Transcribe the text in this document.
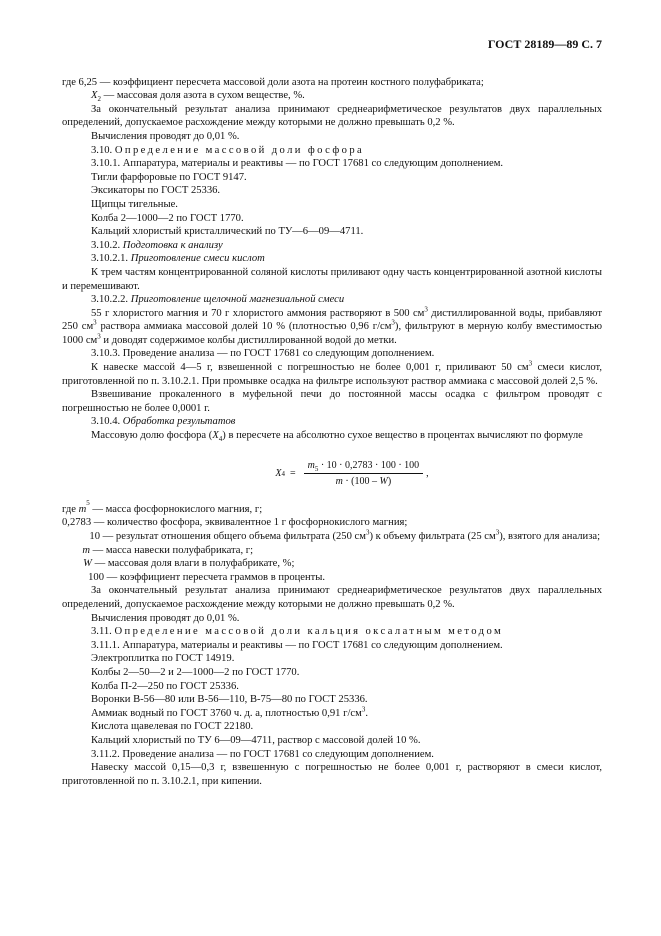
ГОСТ 28189—89 С. 7
где 6,25 — коэффициент пересчета массовой доли азота на протеин костного полуфабриката;
$X_2$ — массовая доля азота в сухом веществе, %.
За окончательный результат анализа принимают среднеарифметическое результатов двух параллельных определений, допускаемое расхождение между которыми не должно превышать 0,2 %.
Вычисления проводят до 0,01 %.
3.10. Определение массовой доли фосфора
3.10.1. Аппаратура, материалы и реактивы — по ГОСТ 17681 со следующим дополнением.
Тигли фарфоровые по ГОСТ 9147.
Эксикаторы по ГОСТ 25336.
Щипцы тигельные.
Колба 2—1000—2 по ГОСТ 1770.
Кальций хлористый кристаллический по ТУ—6—09—4711.
3.10.2. Подготовка к анализу
3.10.2.1. Приготовление смеси кислот
К трем частям концентрированной соляной кислоты приливают одну часть концентрированной азотной кислоты и перемешивают.
3.10.2.2. Приготовление щелочной магнезиальной смеси
55 г хлористого магния и 70 г хлористого аммония растворяют в 500 $см^3$ дистиллированной воды, прибавляют 250 $см^3$ раствора аммиака массовой долей 10 % (плотностью 0,96 $г/см^3$), фильтруют в мерную колбу вместимостью 1000 $см^3$ и доводят содержимое колбы дистиллированной водой до метки.
3.10.3. Проведение анализа — по ГОСТ 17681 со следующим дополнением.
К навеске массой 4—5 г, взвешенной с погрешностью не более 0,001 г, приливают 50 $см^3$ смеси кислот, приготовленной по п. 3.10.2.1. При промывке осадка на фильтре используют раствор аммиака с массовой долей 2,5 %.
Взвешивание прокаленного в муфельной печи до постоянной массы осадка с фильтром проводят с погрешностью не более 0,0001 г.
3.10.4. Обработка результатов
Массовую долю фосфора $(X_4)$ в пересчете на абсолютно сухое вещество в процентах вычисляют по формуле
X $4 = \frac{m_5 \cdot 10 \cdot 0,2783 \cdot 100 \cdot 100}{m \cdot (100 - W)}$ ,
где
m
5

— масса фосфорнокислого магния, г;
0,2783
— количество фосфора, эквивалентное 1 г фосфорнокислого магния;
10
— результат отношения общего объема фильтрата (250 $см^3$) к объему фильтрата (25 $см^3$), взятого для анализа;
m
— масса навески полуфабриката, г;
W
— массовая доля влаги в полуфабрикате, %;
100
— коэффициент пересчета граммов в проценты.
За окончательный результат анализа принимают среднеарифметическое результатов двух параллельных определений, допускаемое расхождение между которыми не должно превышать 0,2 %.
Вычисления проводят до 0,01 %.
3.11. Определение массовой доли кальция оксалатным методом
3.11.1. Аппаратура, материалы и реактивы — по ГОСТ 17681 со следующим дополнением.
Электроплитка по ГОСТ 14919.
Колбы 2—50—2 и 2—1000—2 по ГОСТ 1770.
Колба П-2—250 по ГОСТ 25336.
Воронки В-56—80 или В-56—110, В-75—80 по ГОСТ 25336.
Аммиак водный по ГОСТ 3760 ч. д. а, плотностью 0,91 $г/см^3$.
Кислота щавелевая по ГОСТ 22180.
Кальций хлористый по ТУ 6—09—4711, раствор с массовой долей 10 %.
3.11.2. Проведение анализа — по ГОСТ 17681 со следующим дополнением.
Навеску массой 0,15—0,3 г, взвешенную с погрешностью не более 0,001 г, растворяют в смеси кислот, приготовленной по п. 3.10.2.1, при кипении.
